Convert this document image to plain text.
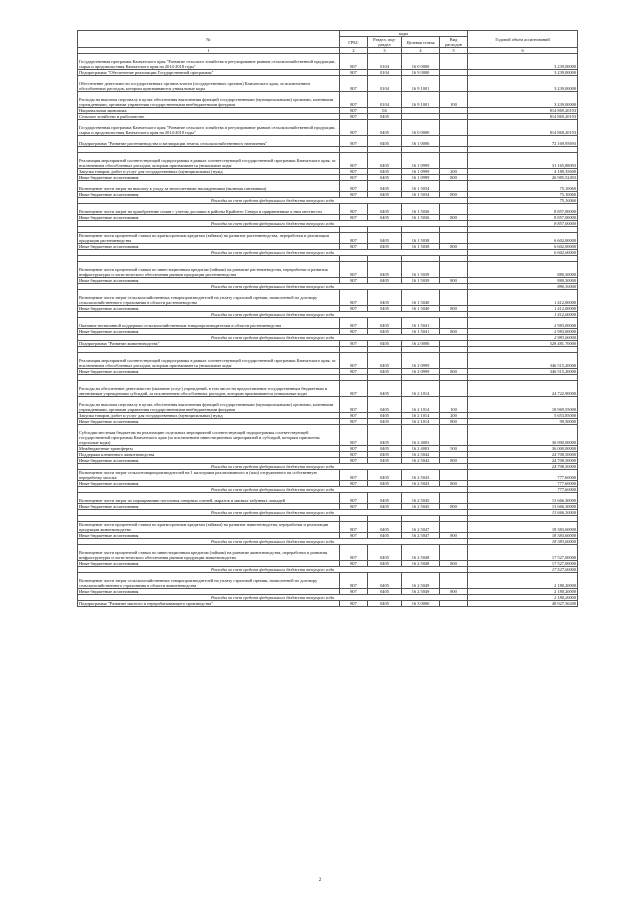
№	коды				Годовой объем ассигнований
	ГРБС	Раздел, под-раздел	Целевая статья	Вид расходов	
1	2	3	4	5	6
Государственная программа Камчатского края "Развитие сельского хозяйства и регулирование рынков сельскохозяйственной продукции, сырья и продовольствия Камчатского края на 2014-2018 годы"	807	0104	16 0 0000		3 239,00000
Подпрограмма "Обеспечение реализации Государственной программы"	807	0104	16 9 0000		3 239,00000
Обеспечение деятельности государственных органов власти (государственных органов) Камчатского края, за исключением обособленных расходов, которым присваиваются уникальные коды	807	0104	16 9 1001		3 239,00000
Расходы на выплаты персоналу в целях обеспечения выполнения функций государственными (муниципальными) органами, казенными учреждениями, органами управления государственными внебюджетными фондами	807	0104	16 9 1001	100	3 239,00000
Национальная экономика	807	04			814 869,20193
Сельское хозяйство и рыболовство	807	0405			814 869,20193
Государственная программа Камчатского края "Развитие сельского хозяйства и регулирование рынков сельскохозяйственной продукции, сырья и продовольствия Камчатского края на 2014-2018 годы"	807	0405	16 0 0000		814 869,20193
Подпрограмма "Развитие растениеводства и мелиорации земель сельскохозяйственного назначения"	807	0405	16 1 0000		72 169,95693

Реализация мероприятий соответствующей подпрограммы в рамках соответствующей государственной программы Камчатского края, за исключением обособленных расходов, которым присваиваются уникальные коды	807	0405	16 1 0999		31 165,88093
Закупка товаров, работ и услуг для государственных (муниципальных) нужд	807	0405	16 1 0999	200	4 180,35600
Иные бюджетные ассигнования	807	0405	16 1 0999	800	26 985,52493
Возмещение части затрат на выплату к уходу за многолетними насаждениями (включая питомники)	807	0405	16 1 5034		75,10060
Иные бюджетные ассигнования	807	0405	16 1 5034	800	75,10060
Расходы за счет средств федерального бюджета текущего года					75,10060
Возмещение части затрат на приобретение семян с учетом доставки в районы Крайнего Севера и приравненные к ним местности	807	0405	16 1 5036		8 857,00000
Иные бюджетные ассигнования	807	0405	16 1 5036	800	8 857,00000
Расходы за счет средств федерального бюджета текущего года					8 857,00000

Возмещение части процентной ставки по краткосрочным кредитам (займам) на развитие растениеводства, переработки и реализации продукции растениеводства	807	0405	16 1 5038		6 602,00000
Иные бюджетные ассигнования	807	0405	16 1 5038	800	6 602,00000
Расходы за счет средств федерального бюджета текущего года					6 602,00000

Возмещение части процентной ставки по инвестиционным кредитам (займам) на развитие растениеводства, переработки и развития инфраструктуры и логистического обеспечения рынков продукции растениеводства	807	0405	16 1 5039		880,30000
Иные бюджетные ассигнования	807	0405	16 1 5039	800	880,30000
Расходы за счет средств федерального бюджета текущего года					880,30000
Возмещение части затрат сельскохозяйственных товаропроизводителей на уплату страховой премии, начисленной по договору сельскохозяйственного страхования в области растениеводства	807	0405	16 1 5040		1 412,00000
Иные бюджетные ассигнования	807	0405	16 1 5040	800	1 412,00000
Расходы за счет средств федерального бюджета текущего года					1 412,00000
Оказание несвязанной поддержки сельскохозяйственным товаропроизводителям в области растениеводства	807	0405	16 1 5041		2 983,00000
Иные бюджетные ассигнования	807	0405	16 1 5041	800	2 983,00000
Расходы за счет средств федерального бюджета текущего года					2 983,00000
Подпрограмма "Развитие животноводства"	807	0405	16 2 0000		528 481,70000

Реализация мероприятий соответствующей подпрограммы в рамках соответствующей государственной программы Камчатского края, за исключением обособленных расходов, которым присваиваются уникальные коды	807	0405	16 2 0999		346 515,20000
Иные бюджетные ассигнования	807	0405	16 2 0999	800	346 515,20000

Расходы на обеспечение деятельности (оказание услуг) учреждений, в том числе на предоставление государственным бюджетным и автономным учреждениям субсидий, за исключением обособленных расходов, которым присваиваются уникальные коды	807	0405	16 2 1014		24 722,90000
Расходы на выплаты персоналу в целях обеспечения выполнения функций государственными (муниципальными) органами, казенными учреждениями, органами управления государственными внебюджетными фондами	807	0405	16 2 1014	100	18 969,55000
Закупка товаров, работ и услуг для государственных (муниципальных) нужд	807	0405	16 2 1014	200	5 653,85000
Иные бюджетные ассигнования	807	0405	16 2 1014	800	99,50000
Субсидии местным бюджетам на реализацию отдельных мероприятий соответствующей подпрограммы соответствующей государственной программы Камчатского края (за исключением инвестиционных мероприятий и субсидий, которым присвоены отдельные коды)	807	0405	16 2 4003		36 000,00000
Межбюджетные трансферты	807	0405	16 2 4003	500	36 000,00000
Поддержка племенного животноводства	807	0405	16 2 5042		24 708,50000
Иные бюджетные ассигнования	807	0405	16 2 5042	800	24 708,50000
Расходы за счет средств федерального бюджета текущего года					24 708,50000
Возмещение части затрат сельхозтоваропроизводителей на 1 килограмм реализованного и (или) отгруженного на собственную переработку молока	807	0405	16 2 5043		777,60000
Иные бюджетные ассигнования	807	0405	16 2 5043	800	777,60000
Расходы за счет средств федерального бюджета текущего года					777,60000
Возмещение части затрат по наращиванию поголовья северных оленей, маралов и мясных табунных лошадей	807	0405	16 2 5045		13 666,30000
Иные бюджетные ассигнования	807	0405	16 2 5045	800	13 666,30000
Расходы за счет средств федерального бюджета текущего года					13 666,30000

Возмещение части процентной ставки по краткосрочным кредитам (займам) на развитие животноводства, переработки и реализации продукции животноводства	807	0405	16 2 5047		18 383,60000
Иные бюджетные ассигнования	807	0405	16 2 5047	800	18 383,60000
Расходы за счет средств федерального бюджета текущего года					18 383,60000
Возмещение части процентной ставки по инвестиционным кредитам (займам) на развитие животноводства, переработки и развития инфраструктуры и логистического обеспечения рынков продукции животноводства	807	0405	16 2 5048		17 527,00000
Иные бюджетные ассигнования	807	0405	16 2 5048	800	17 527,00000
Расходы за счет средств федерального бюджета текущего года					17 527,00000
Возмещение части затрат сельскохозяйственных товаропроизводителей на уплату страховой премии, начисленной по договору сельскохозяйственного страхования в области животноводства	807	0405	16 2 5049		2 180,20000
Иные бюджетные ассигнования	807	0405	16 2 5049	800	2 180,20000
Расходы за счет средств федерального бюджета текущего года					2 180,20000
Подпрограмма "Развитие мясного и перерабатывающего производства"	807	0405	16 3 0000		48 927,36200
2
